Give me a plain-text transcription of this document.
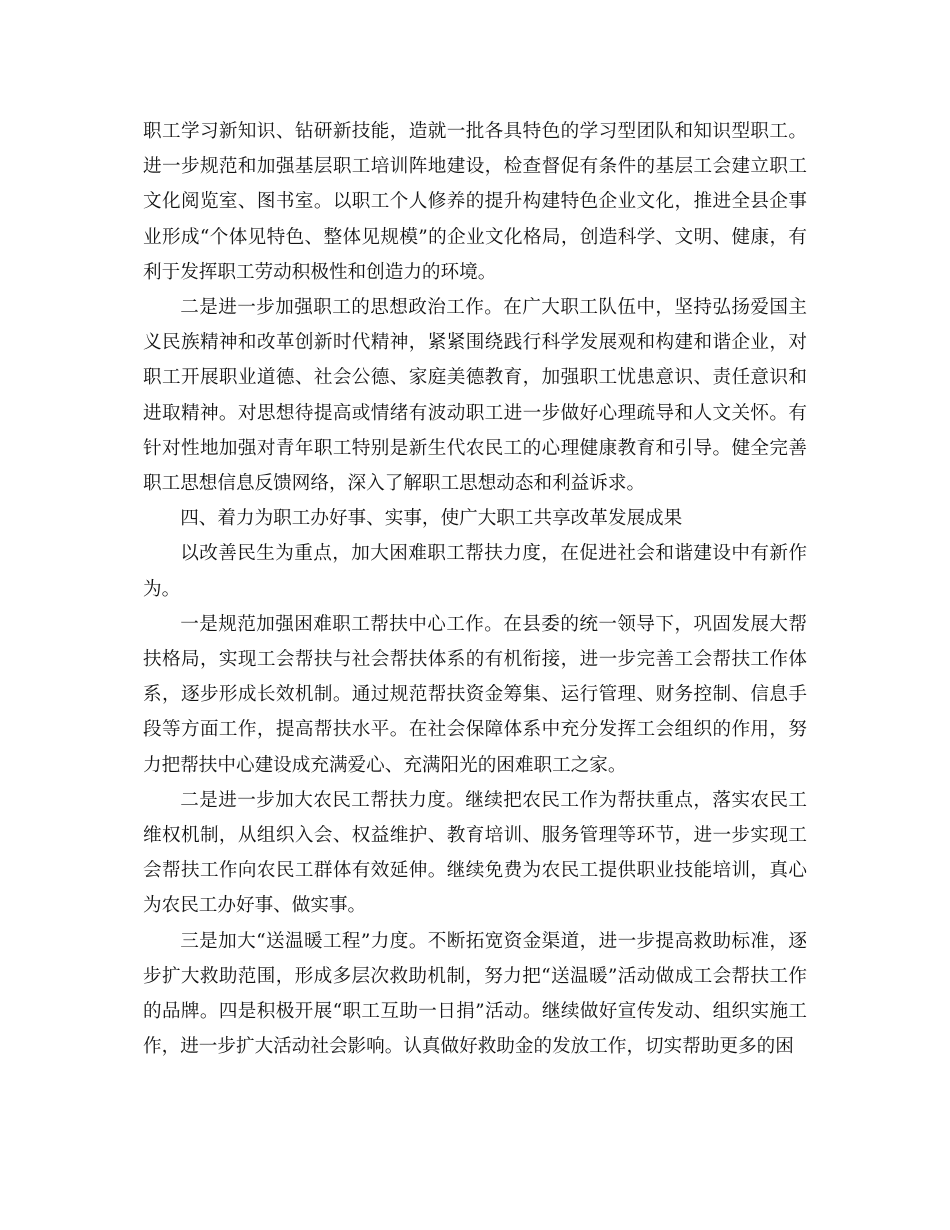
职工学习新知识、钻研新技能，造就一批各具特色的学习型团队和知识型职工。进一步规范和加强基层职工培训阵地建设，检查督促有条件的基层工会建立职工文化阅览室、图书室。以职工个人修养的提升构建特色企业文化，推进全县企事业形成“个体见特色、整体见规模”的企业文化格局，创造科学、文明、健康，有利于发挥职工劳动积极性和创造力的环境。

二是进一步加强职工的思想政治工作。在广大职工队伍中，坚持弘扬爱国主义民族精神和改革创新时代精神，紧紧围绕践行科学发展观和构建和谐企业，对职工开展职业道德、社会公德、家庭美德教育，加强职工忧患意识、责任意识和进取精神。对思想待提高或情绪有波动职工进一步做好心理疏导和人文关怀。有针对性地加强对青年职工特别是新生代农民工的心理健康教育和引导。健全完善职工思想信息反馈网络，深入了解职工思想动态和利益诉求。

四、着力为职工办好事、实事，使广大职工共享改革发展成果

以改善民生为重点，加大困难职工帮扶力度，在促进社会和谐建设中有新作为。

一是规范加强困难职工帮扶中心工作。在县委的统一领导下，巩固发展大帮扶格局，实现工会帮扶与社会帮扶体系的有机衔接，进一步完善工会帮扶工作体系，逐步形成长效机制。通过规范帮扶资金筹集、运行管理、财务控制、信息手段等方面工作，提高帮扶水平。在社会保障体系中充分发挥工会组织的作用，努力把帮扶中心建设成充满爱心、充满阳光的困难职工之家。

二是进一步加大农民工帮扶力度。继续把农民工作为帮扶重点，落实农民工维权机制，从组织入会、权益维护、教育培训、服务管理等环节，进一步实现工会帮扶工作向农民工群体有效延伸。继续免费为农民工提供职业技能培训，真心为农民工办好事、做实事。

三是加大“送温暖工程”力度。不断拓宽资金渠道，进一步提高救助标准，逐步扩大救助范围，形成多层次救助机制，努力把“送温暖”活动做成工会帮扶工作的品牌。四是积极开展“职工互助一日捐”活动。继续做好宣传发动、组织实施工作，进一步扩大活动社会影响。认真做好救助金的发放工作，切实帮助更多的困
